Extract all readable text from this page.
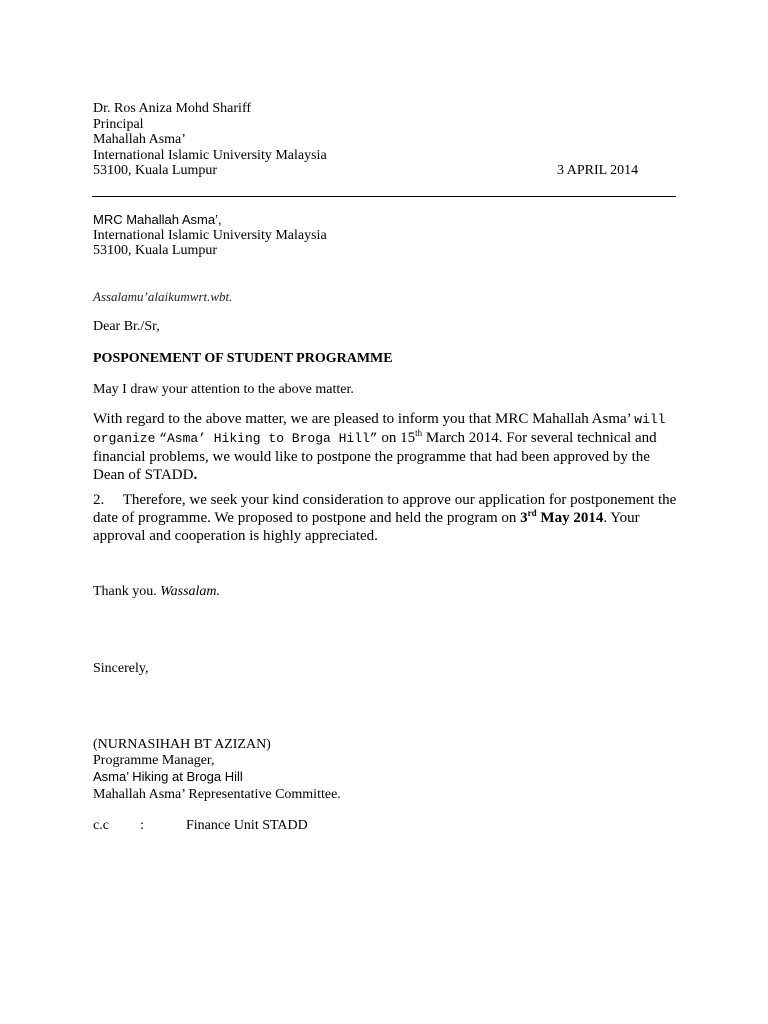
Dr. Ros Aniza Mohd Shariff
Principal
Mahallah Asma’
International Islamic University Malaysia
53100, Kuala Lumpur	3 APRIL 2014
MRC Mahallah Asma’,
International Islamic University Malaysia
53100, Kuala Lumpur
Assalamu’alaikumwrt.wbt.
Dear Br./Sr,
POSPONEMENT OF STUDENT PROGRAMME
May I draw your attention to the above matter.
With regard to the above matter, we are pleased to inform you that MRC Mahallah Asma’ will organize “Asma’ Hiking to Broga Hill” on 15th March 2014. For several technical and financial problems, we would like to postpone the programme that had been approved by the Dean of STADD.
2. Therefore, we seek your kind consideration to approve our application for postponement the date of programme. We proposed to postpone and held the program on 3rd May 2014. Your approval and cooperation is highly appreciated.
Thank you. Wassalam.
Sincerely,
(NURNASIHAH BT AZIZAN)
Programme Manager,
Asma’ Hiking at Broga Hill
Mahallah Asma’ Representative Committee.
c.c :	Finance Unit STADD
